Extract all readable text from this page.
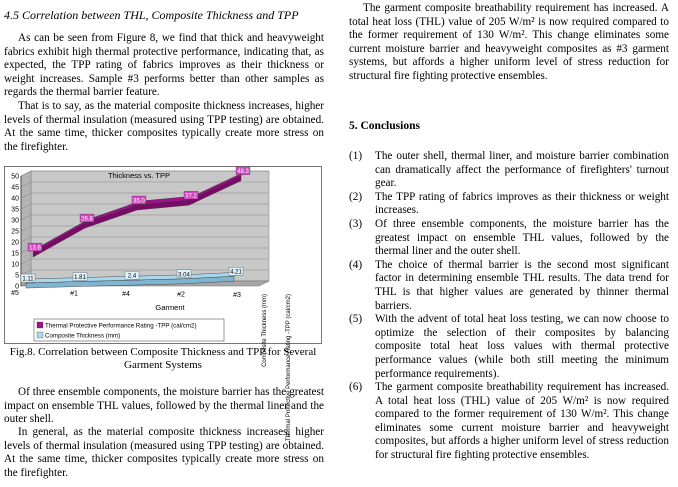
4.5 Correlation between THL, Composite Thickness and TPP

As can be seen from Figure 8, we find that thick and heavyweight fabrics exhibit high thermal protective performance, indicating that, as expected, the TPP rating of fabrics improves as their thickness or weight increases. Sample #3 performs better than other samples as regards the thermal barrier feature.

That is to say, as the material composite thickness increases, higher levels of thermal insulation (measured using TPP testing) are obtained. At the same time, thicker composites typically create more stress on the firefighter.

0
5
10
15
20
25
30
35
40
45
50	Thickness vs. TPP
13.6
26.8
35.0
37.2
48.3
1.11	1.81	2.4	3.04	4.21
#5	#1	#4	#2	#3
Garment	Composite Thickness (mm)	Thermal Protective Performance Rating -TPP (cal/cm2)
Thermal Protective Performance Rating -TPP (cal/cm2)
Composite Thickness (mm)
Fig.8. Correlation between Composite Thickness and TPP for Several Garment Systems

Of three ensemble components, the moisture barrier has the greatest impact on ensemble THL values, followed by the thermal liner and the outer shell.

In general, as the material composite thickness increases, higher levels of thermal insulation (measured using TPP testing) are obtained. At the same time, thicker composites typically create more stress on the firefighter.

The garment composite breathability requirement has increased. A total heat loss (THL) value of 205 W/m² is now required compared to the former requirement of 130 W/m². This change eliminates some current moisture barrier and heavyweight composites as #3 garment systems, but affords a higher uniform level of stress reduction for structural fire fighting protective ensembles.

5. Conclusions
(1) The outer shell, thermal liner, and moisture barrier combination can dramatically affect the performance of firefighters' turnout gear.
(2) The TPP rating of fabrics improves as their thickness or weight increases.
(3) Of three ensemble components, the moisture barrier has the greatest impact on ensemble THL values, followed by the thermal liner and the outer shell.
(4) The choice of thermal barrier is the second most significant factor in determining ensemble THL results. The data trend for THL is that higher values are generated by thinner thermal barriers.
(5) With the advent of total heat loss testing, we can now choose to optimize the selection of their composites by balancing composite total heat loss values with thermal protective performance values (while both still meeting the minimum performance requirements).
(6) The garment composite breathability requirement has increased. A total heat loss (THL) value of 205 W/m² is now required compared to the former requirement of 130 W/m². This change eliminates some current moisture barrier and heavyweight composites, but affords a higher uniform level of stress reduction for structural fire fighting protective ensembles.
